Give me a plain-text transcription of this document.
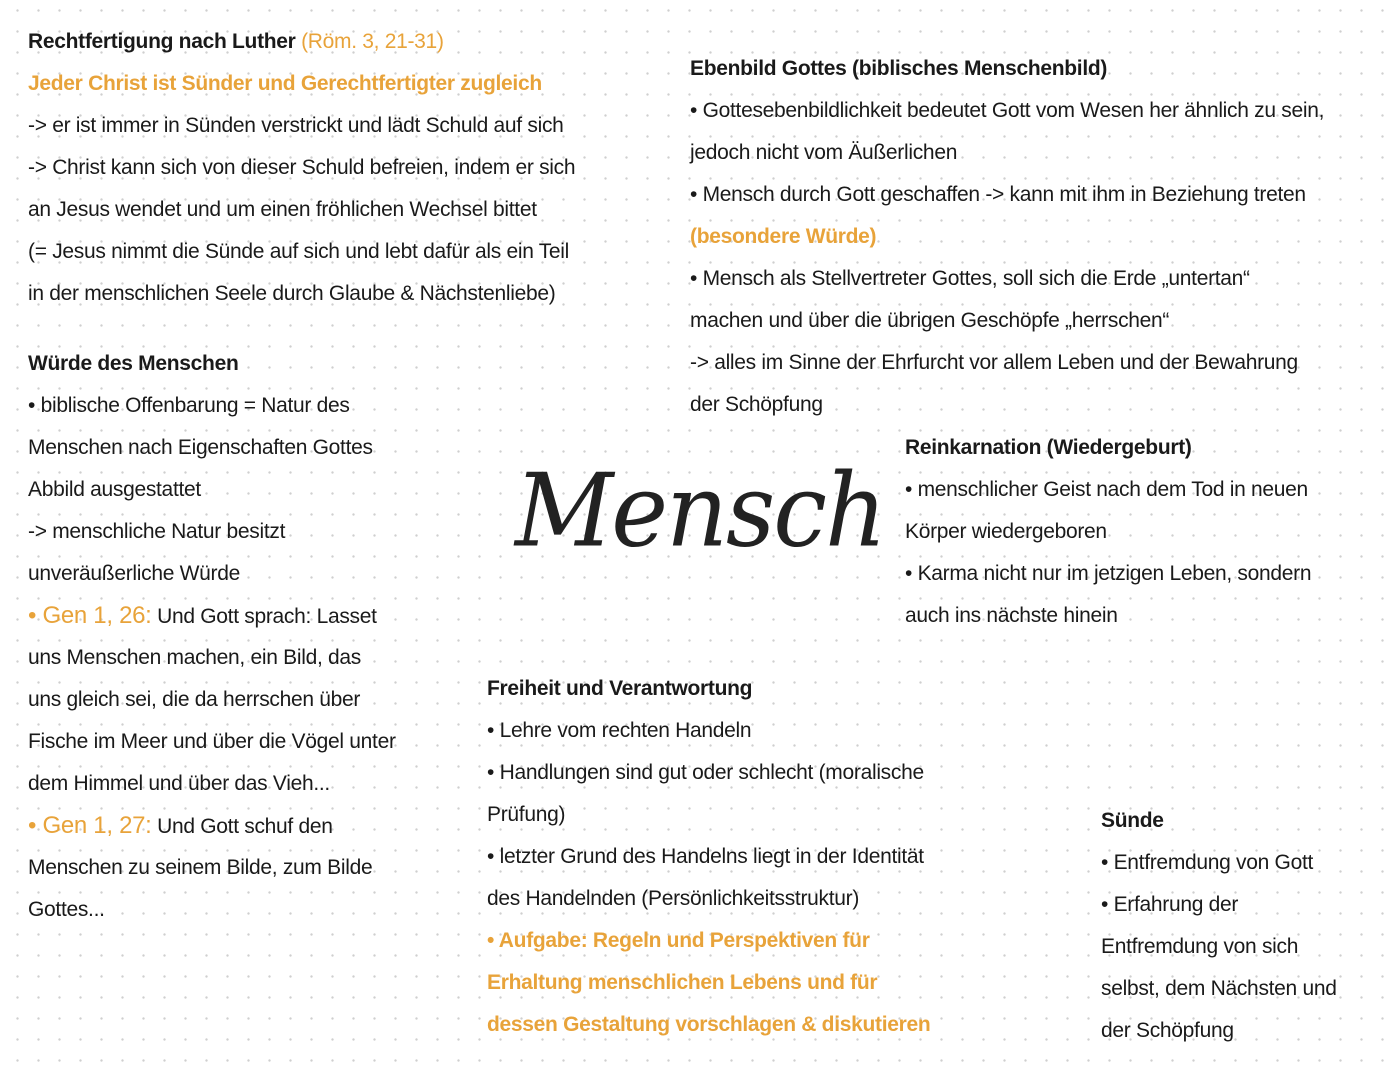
Mensch
Rechtfertigung nach Luther (Röm. 3, 21-31)
Jeder Christ ist Sünder und Gerechtfertigter zugleich
-> er ist immer in Sünden verstrickt und lädt Schuld auf sich
-> Christ kann sich von dieser Schuld befreien, indem er sich
an Jesus wendet und um einen fröhlichen Wechsel bittet
(= Jesus nimmt die Sünde auf sich und lebt dafür als ein Teil
in der menschlichen Seele durch Glaube & Nächstenliebe)
Würde des Menschen
• biblische Offenbarung = Natur des
Menschen nach Eigenschaften Gottes
Abbild ausgestattet
-> menschliche Natur besitzt
unveräußerliche Würde
• Gen 1, 26: Und Gott sprach: Lasset
uns Menschen machen, ein Bild, das
uns gleich sei, die da herrschen über
Fische im Meer und über die Vögel unter
dem Himmel und über das Vieh...
• Gen 1, 27: Und Gott schuf den
Menschen zu seinem Bilde, zum Bilde
Gottes...
Ebenbild Gottes (biblisches Menschenbild)
• Gottesebenbildlichkeit bedeutet Gott vom Wesen her ähnlich zu sein,
jedoch nicht vom Äußerlichen
• Mensch durch Gott geschaffen -> kann mit ihm in Beziehung treten
(besondere Würde)
• Mensch als Stellvertreter Gottes, soll sich die Erde „untertan“
machen und über die übrigen Geschöpfe „herrschen“
-> alles im Sinne der Ehrfurcht vor allem Leben und der Bewahrung
der Schöpfung
Reinkarnation (Wiedergeburt)
• menschlicher Geist nach dem Tod in neuen
Körper wiedergeboren
• Karma nicht nur im jetzigen Leben, sondern
auch ins nächste hinein
Freiheit und Verantwortung
• Lehre vom rechten Handeln
• Handlungen sind gut oder schlecht (moralische
Prüfung)
• letzter Grund des Handelns liegt in der Identität
des Handelnden (Persönlichkeitsstruktur)
• Aufgabe: Regeln und Perspektiven für
Erhaltung menschlichen Lebens und für
dessen Gestaltung vorschlagen & diskutieren
Sünde
• Entfremdung von Gott
• Erfahrung der
Entfremdung von sich
selbst, dem Nächsten und
der Schöpfung
